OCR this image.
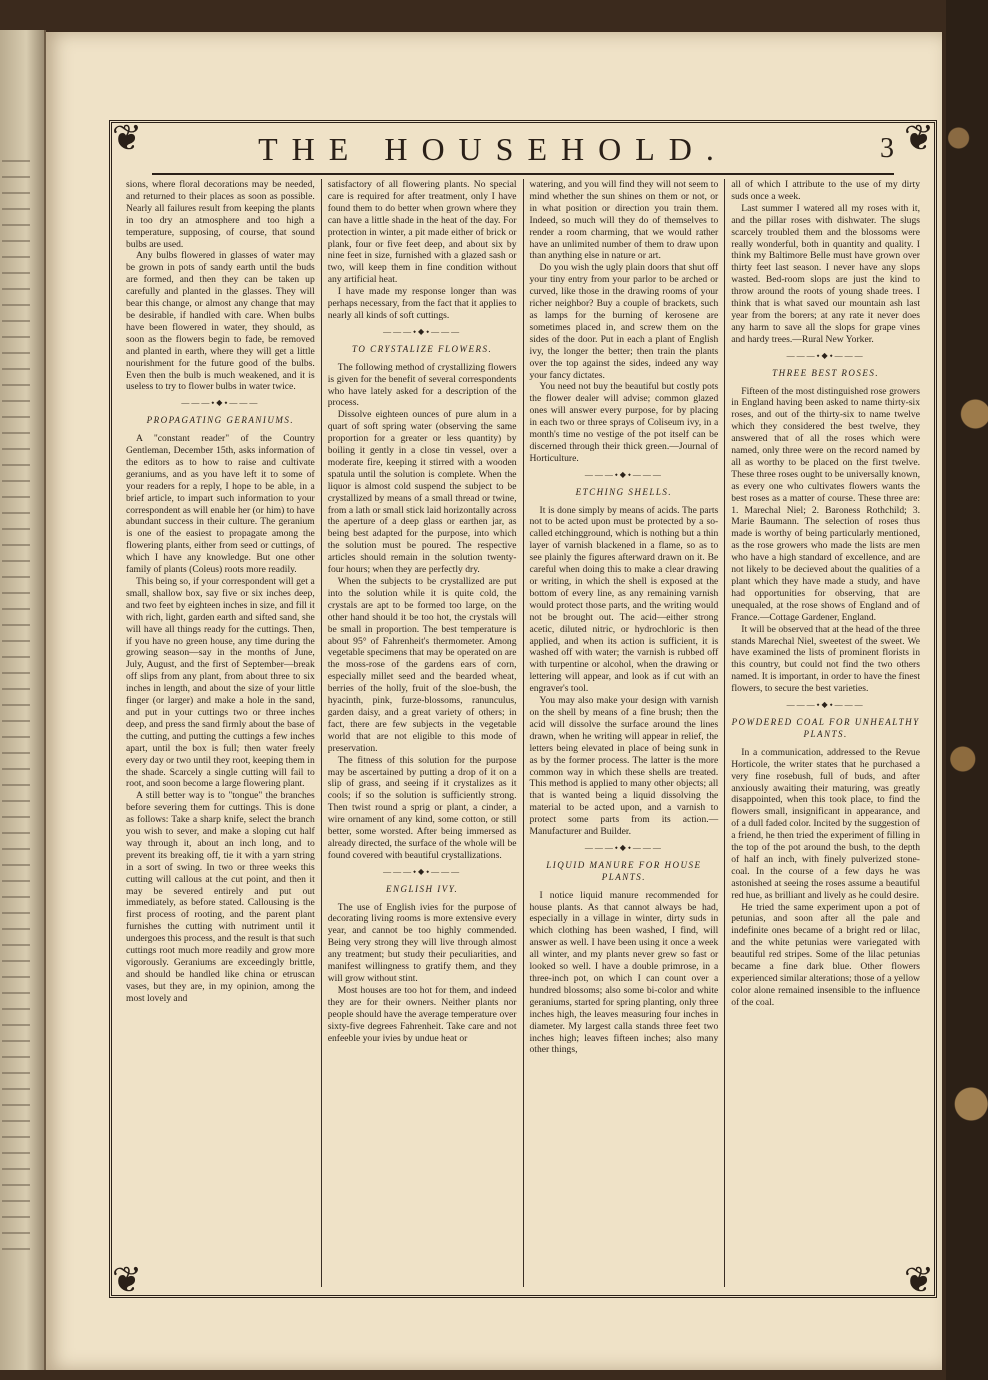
❦	❦
❦	❦
THE HOUSEHOLD.	3

sions, where floral decorations may be needed, and returned to their places as soon as possible. Nearly all failures result from keeping the plants in too dry an atmosphere and too high a temperature, supposing, of course, that sound bulbs are used.

Any bulbs flowered in glasses of water may be grown in pots of sandy earth until the buds are formed, and then they can be taken up carefully and planted in the glasses. They will bear this change, or almost any change that may be desirable, if handled with care. When bulbs have been flowered in water, they should, as soon as the flowers begin to fade, be removed and planted in earth, where they will get a little nourishment for the future good of the bulbs. Even then the bulb is much weakened, and it is useless to try to flower bulbs in water twice.

———⬩◆⬩———
PROPAGATING GERANIUMS.

A "constant reader" of the Country Gentleman, December 15th, asks information of the editors as to how to raise and cultivate geraniums, and as you have left it to some of your readers for a reply, I hope to be able, in a brief article, to impart such information to your correspondent as will enable her (or him) to have abundant success in their culture. The geranium is one of the easiest to propagate among the flowering plants, either from seed or cuttings, of which I have any knowledge. But one other family of plants (Coleus) roots more readily.

This being so, if your correspondent will get a small, shallow box, say five or six inches deep, and two feet by eighteen inches in size, and fill it with rich, light, garden earth and sifted sand, she will have all things ready for the cuttings. Then, if you have no green house, any time during the growing season—say in the months of June, July, August, and the first of September—break off slips from any plant, from about three to six inches in length, and about the size of your little finger (or larger) and make a hole in the sand, and put in your cuttings two or three inches deep, and press the sand firmly about the base of the cutting, and putting the cuttings a few inches apart, until the box is full; then water freely every day or two until they root, keeping them in the shade. Scarcely a single cutting will fail to root, and soon become a large flowering plant.

A still better way is to "tongue" the branches before severing them for cuttings. This is done as follows: Take a sharp knife, select the branch you wish to sever, and make a sloping cut half way through it, about an inch long, and to prevent its breaking off, tie it with a yarn string in a sort of swing. In two or three weeks this cutting will callous at the cut point, and then it may be severed entirely and put out immediately, as before stated. Callousing is the first process of rooting, and the parent plant furnishes the cutting with nutriment until it undergoes this process, and the result is that such cuttings root much more readily and grow more vigorously. Geraniums are exceedingly brittle, and should be handled like china or etruscan vases, but they are, in my opinion, among the most lovely and

satisfactory of all flowering plants. No special care is required for after treatment, only I have found them to do better when grown where they can have a little shade in the heat of the day. For protection in winter, a pit made either of brick or plank, four or five feet deep, and about six by nine feet in size, furnished with a glazed sash or two, will keep them in fine condition without any artificial heat.

I have made my response longer than was perhaps necessary, from the fact that it applies to nearly all kinds of soft cuttings.

———⬩◆⬩———
TO CRYSTALIZE FLOWERS.

The following method of crystallizing flowers is given for the benefit of several correspondents who have lately asked for a description of the process.

Dissolve eighteen ounces of pure alum in a quart of soft spring water (observing the same proportion for a greater or less quantity) by boiling it gently in a close tin vessel, over a moderate fire, keeping it stirred with a wooden spatula until the solution is complete. When the liquor is almost cold suspend the subject to be crystallized by means of a small thread or twine, from a lath or small stick laid horizontally across the aperture of a deep glass or earthen jar, as being best adapted for the purpose, into which the solution must be poured. The respective articles should remain in the solution twenty-four hours; when they are perfectly dry.

When the subjects to be crystallized are put into the solution while it is quite cold, the crystals are apt to be formed too large, on the other hand should it be too hot, the crystals will be small in proportion. The best temperature is about 95° of Fahrenheit's thermometer. Among vegetable specimens that may be operated on are the moss-rose of the gardens ears of corn, especially millet seed and the bearded wheat, berries of the holly, fruit of the sloe-bush, the hyacinth, pink, furze-blossoms, ranunculus, garden daisy, and a great variety of others; in fact, there are few subjects in the vegetable world that are not eligible to this mode of preservation.

The fitness of this solution for the purpose may be ascertained by putting a drop of it on a slip of grass, and seeing if it crystalizes as it cools; if so the solution is sufficiently strong. Then twist round a sprig or plant, a cinder, a wire ornament of any kind, some cotton, or still better, some worsted. After being immersed as already directed, the surface of the whole will be found covered with beautiful crystallizations.

———⬩◆⬩———
ENGLISH IVY.

The use of English ivies for the purpose of decorating living rooms is more extensive every year, and cannot be too highly commended. Being very strong they will live through almost any treatment; but study their peculiarities, and manifest willingness to gratify them, and they will grow without stint.

Most houses are too hot for them, and indeed they are for their owners. Neither plants nor people should have the average temperature over sixty-five degrees Fahrenheit. Take care and not enfeeble your ivies by undue heat or

watering, and you will find they will not seem to mind whether the sun shines on them or not, or in what position or direction you train them. Indeed, so much will they do of themselves to render a room charming, that we would rather have an unlimited number of them to draw upon than anything else in nature or art.

Do you wish the ugly plain doors that shut off your tiny entry from your parlor to be arched or curved, like those in the drawing rooms of your richer neighbor? Buy a couple of brackets, such as lamps for the burning of kerosene are sometimes placed in, and screw them on the sides of the door. Put in each a plant of English ivy, the longer the better; then train the plants over the top against the sides, indeed any way your fancy dictates.

You need not buy the beautiful but costly pots the flower dealer will advise; common glazed ones will answer every purpose, for by placing in each two or three sprays of Coliseum ivy, in a month's time no vestige of the pot itself can be discerned through their thick green.—Journal of Horticulture.

———⬩◆⬩———
ETCHING SHELLS.

It is done simply by means of acids. The parts not to be acted upon must be protected by a so-called etchingground, which is nothing but a thin layer of varnish blackened in a flame, so as to see plainly the figures afterward drawn on it. Be careful when doing this to make a clear drawing or writing, in which the shell is exposed at the bottom of every line, as any remaining varnish would protect those parts, and the writing would not be brought out. The acid—either strong acetic, diluted nitric, or hydrochloric is then applied, and when its action is sufficient, it is washed off with water; the varnish is rubbed off with turpentine or alcohol, when the drawing or lettering will appear, and look as if cut with an engraver's tool.

You may also make your design with varnish on the shell by means of a fine brush; then the acid will dissolve the surface around the lines drawn, when he writing will appear in relief, the letters being elevated in place of being sunk in as by the former process. The latter is the more common way in which these shells are treated. This method is applied to many other objects; all that is wanted being a liquid dissolving the material to be acted upon, and a varnish to protect some parts from its action.—Manufacturer and Builder.

———⬩◆⬩———
LIQUID MANURE FOR HOUSE PLANTS.

I notice liquid manure recommended for house plants. As that cannot always be had, especially in a village in winter, dirty suds in which clothing has been washed, I find, will answer as well. I have been using it once a week all winter, and my plants never grew so fast or looked so well. I have a double primrose, in a three-inch pot, on which I can count over a hundred blossoms; also some bi-color and white geraniums, started for spring planting, only three inches high, the leaves measuring four inches in diameter. My largest calla stands three feet two inches high; leaves fifteen inches; also many other things,

all of which I attribute to the use of my dirty suds once a week.

Last summer I watered all my roses with it, and the pillar roses with dishwater. The slugs scarcely troubled them and the blossoms were really wonderful, both in quantity and quality. I think my Baltimore Belle must have grown over thirty feet last season. I never have any slops wasted. Bed-room slops are just the kind to throw around the roots of young shade trees. I think that is what saved our mountain ash last year from the borers; at any rate it never does any harm to save all the slops for grape vines and hardy trees.—Rural New Yorker.

———⬩◆⬩———
THREE BEST ROSES.

Fifteen of the most distinguished rose growers in England having been asked to name thirty-six roses, and out of the thirty-six to name twelve which they considered the best twelve, they answered that of all the roses which were named, only three were on the record named by all as worthy to be placed on the first twelve. These three roses ought to be universally known, as every one who cultivates flowers wants the best roses as a matter of course. These three are: 1. Marechal Niel; 2. Baroness Rothchild; 3. Marie Baumann. The selection of roses thus made is worthy of being particularly mentioned, as the rose growers who made the lists are men who have a high standard of excellence, and are not likely to be decieved about the qualities of a plant which they have made a study, and have had opportunities for observing, that are unequaled, at the rose shows of England and of France.—Cottage Gardener, England.

It will be observed that at the head of the three stands Marechal Niel, sweetest of the sweet. We have examined the lists of prominent florists in this country, but could not find the two others named. It is important, in order to have the finest flowers, to secure the best varieties.

———⬩◆⬩———
POWDERED COAL FOR UNHEALTHY PLANTS.

In a communication, addressed to the Revue Horticole, the writer states that he purchased a very fine rosebush, full of buds, and after anxiously awaiting their maturing, was greatly disappointed, when this took place, to find the flowers small, insignificant in appearance, and of a dull faded color. Incited by the suggestion of a friend, he then tried the experiment of filling in the top of the pot around the bush, to the depth of half an inch, with finely pulverized stone-coal. In the course of a few days he was astonished at seeing the roses assume a beautiful red hue, as brilliant and lively as he could desire.

He tried the same experiment upon a pot of petunias, and soon after all the pale and indefinite ones became of a bright red or lilac, and the white petunias were variegated with beautiful red stripes. Some of the lilac petunias became a fine dark blue. Other flowers experienced similar alterations; those of a yellow color alone remained insensible to the influence of the coal.
